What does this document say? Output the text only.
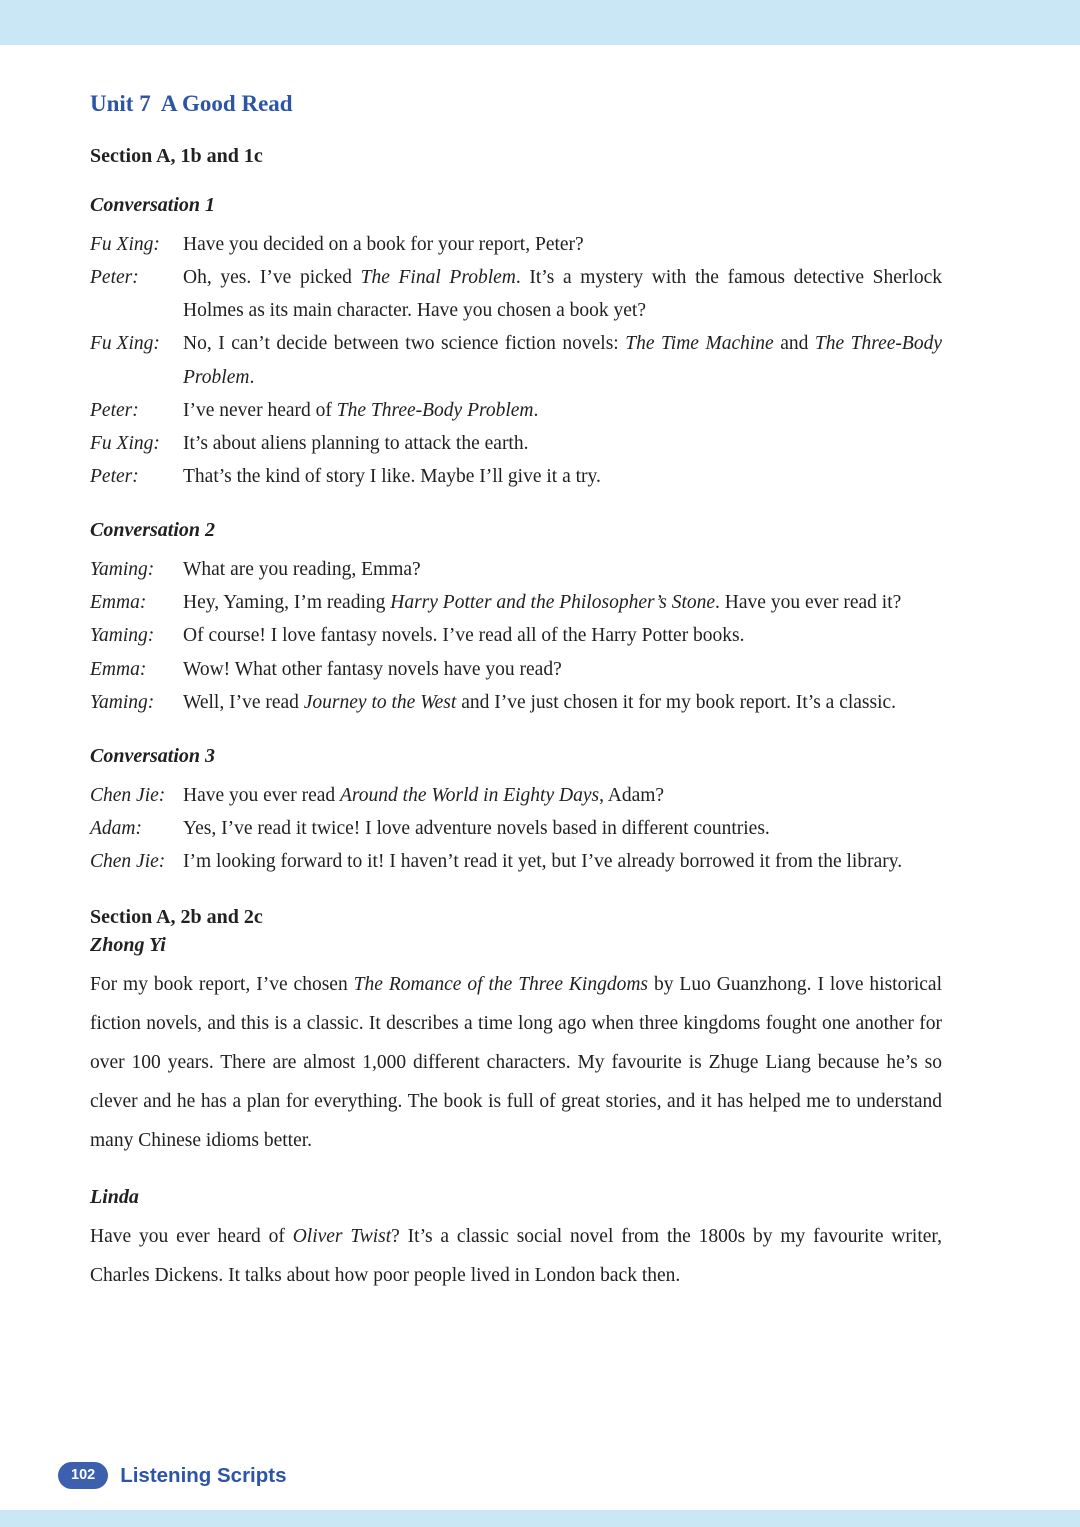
Unit 7  A Good Read

Section A, 1b and 1c

Conversation 1
Fu Xing:	Have you decided on a book for your report, Peter?
Peter:	Oh, yes. I’ve picked The Final Problem. It’s a mystery with the famous detective Sherlock Holmes as its main character. Have you chosen a book yet?
Fu Xing:	No, I can’t decide between two science fiction novels: The Time Machine and The Three-Body Problem.
Peter:	I’ve never heard of The Three-Body Problem.
Fu Xing:	It’s about aliens planning to attack the earth.
Peter:	That’s the kind of story I like. Maybe I’ll give it a try.
Conversation 2
Yaming:	What are you reading, Emma?
Emma:	Hey, Yaming, I’m reading Harry Potter and the Philosopher’s Stone. Have you ever read it?
Yaming:	Of course! I love fantasy novels. I’ve read all of the Harry Potter books.
Emma:	Wow! What other fantasy novels have you read?
Yaming:	Well, I’ve read Journey to the West and I’ve just chosen it for my book report. It’s a classic.
Conversation 3
Chen Jie: Have you ever read Around the World in Eighty Days, Adam?
Adam:	Yes, I’ve read it twice! I love adventure novels based in different countries.
Chen Jie: I’m looking forward to it! I haven’t read it yet, but I’ve already borrowed it from the library.

Section A, 2b and 2c

Zhong Yi

For my book report, I’ve chosen The Romance of the Three Kingdoms by Luo Guanzhong. I love historical fiction novels, and this is a classic. It describes a time long ago when three kingdoms fought one another for over 100 years. There are almost 1,000 different characters. My favourite is Zhuge Liang because he’s so clever and he has a plan for everything. The book is full of great stories, and it has helped me to understand many Chinese idioms better.

Linda

Have you ever heard of Oliver Twist? It’s a classic social novel from the 1800s by my favourite writer, Charles Dickens. It talks about how poor people lived in London back then.

102	Listening Scripts
